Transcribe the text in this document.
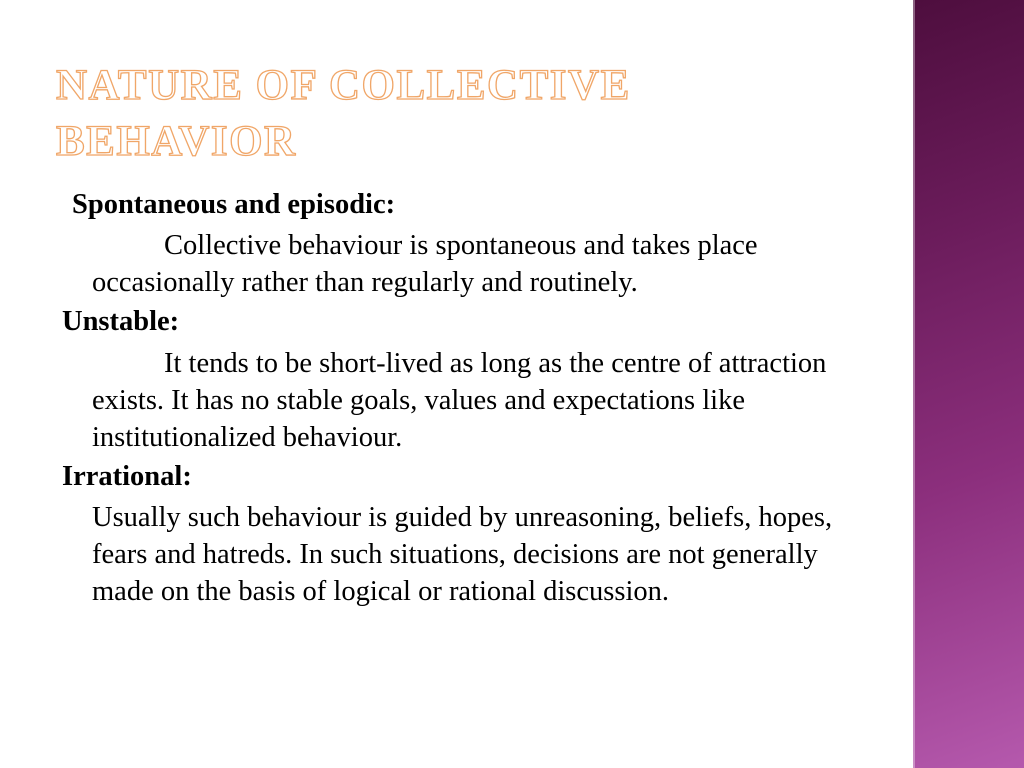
NATURE OF COLLECTIVE BEHAVIOR

Spontaneous and episodic:

Collective behaviour is spontaneous and takes place occasionally rather than regularly and routinely.

Unstable:

It tends to be short-lived as long as the centre of attraction exists. It has no stable goals, values and expectations like institutionalized behaviour.

Irrational:

Usually such behaviour is guided by unreasoning, beliefs, hopes, fears and hatreds. In such situations, decisions are not generally made on the basis of logical or rational discussion.
